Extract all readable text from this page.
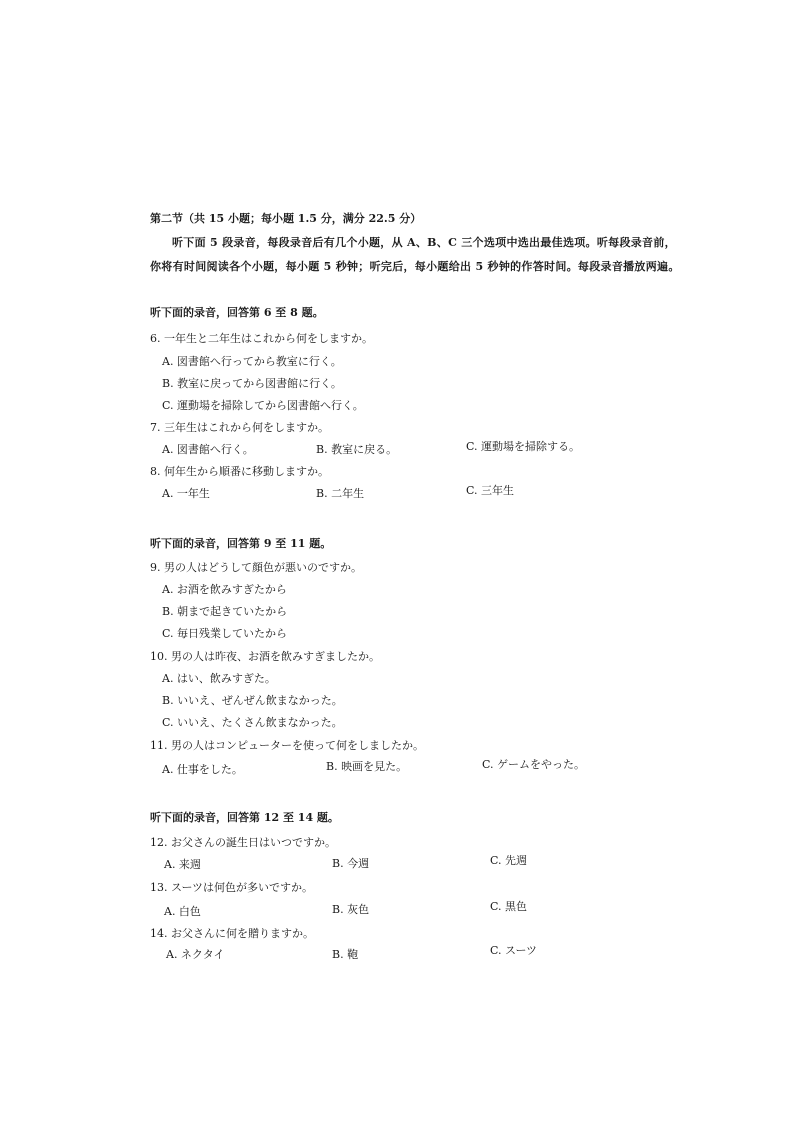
第二节（共 15 小题；每小题 1.5 分，满分 22.5 分）
听下面 5 段录音，每段录音后有几个小题，从 A、B、C 三个选项中选出最佳选项。听每段录音前，
你将有时间阅读各个小题，每小题 5 秒钟；听完后，每小题给出 5 秒钟的作答时间。每段录音播放两遍。
听下面的录音，回答第 6 至 8 题。
6. 一年生と二年生はこれから何をしますか。
A. 図書館へ行ってから教室に行く。
B. 教室に戻ってから図書館に行く。
C. 運動場を掃除してから図書館へ行く。
7. 三年生はこれから何をしますか。
A. 図書館へ行く。	B. 教室に戻る。	C. 運動場を掃除する。
8. 何年生から順番に移動しますか。
A. 一年生	B. 二年生	C. 三年生
听下面的录音，回答第 9 至 11 题。
9. 男の人はどうして顔色が悪いのですか。
A. お酒を飲みすぎたから
B. 朝まで起きていたから
C. 毎日残業していたから
10. 男の人は昨夜、お酒を飲みすぎましたか。
A. はい、飲みすぎた。
B. いいえ、ぜんぜん飲まなかった。
C. いいえ、たくさん飲まなかった。
11. 男の人はコンピューターを使って何をしましたか。
A. 仕事をした。	B. 映画を見た。	C. ゲームをやった。
听下面的录音，回答第 12 至 14 题。
12. お父さんの誕生日はいつですか。
A. 来週	B. 今週	C. 先週
13. スーツは何色が多いですか。
A. 白色	B. 灰色	C. 黒色
14. お父さんに何を贈りますか。
A. ネクタイ	B. 鞄	C. スーツ
